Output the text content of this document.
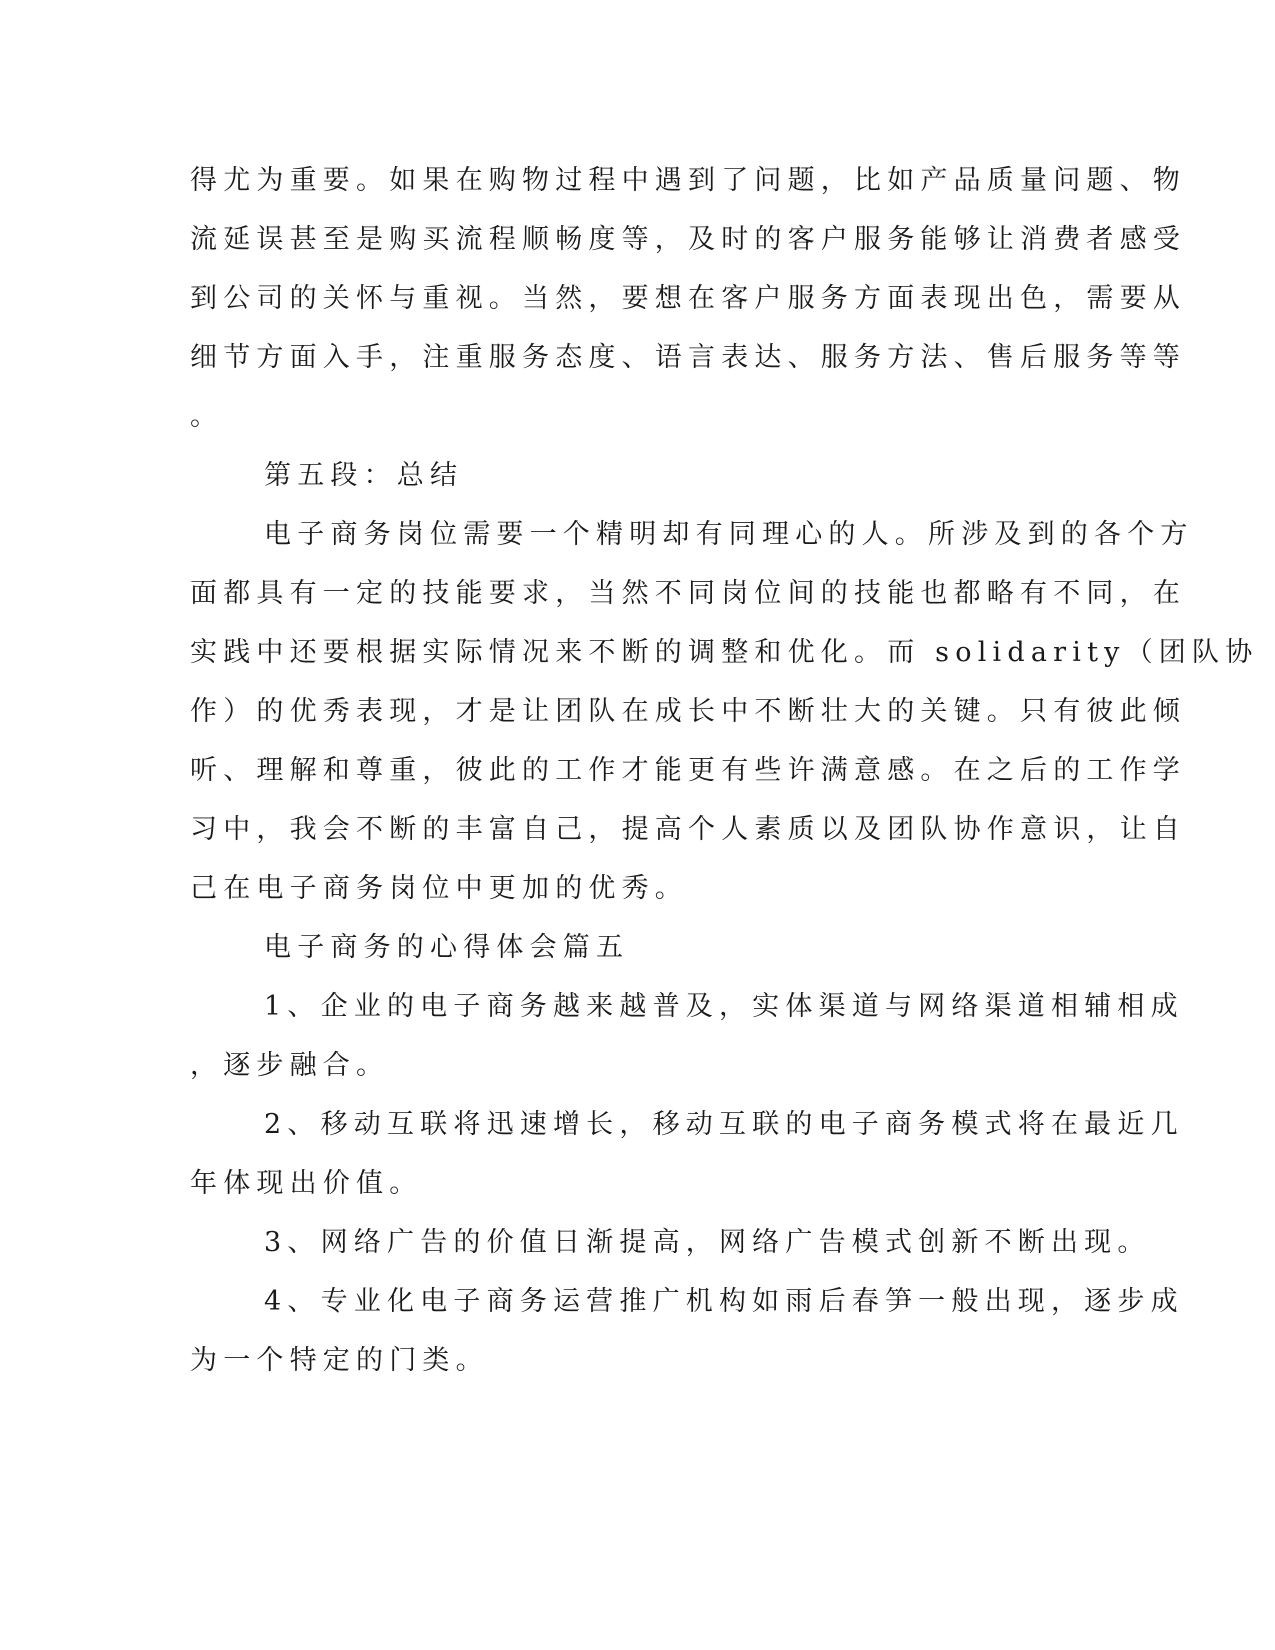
得尤为重要。如果在购物过程中遇到了问题，比如产品质量问题、物
流延误甚至是购买流程顺畅度等，及时的客户服务能够让消费者感受
到公司的关怀与重视。当然，要想在客户服务方面表现出色，需要从
细节方面入手，注重服务态度、语言表达、服务方法、售后服务等等
。
第五段：总结
电子商务岗位需要一个精明却有同理心的人。所涉及到的各个方
面都具有一定的技能要求，当然不同岗位间的技能也都略有不同，在
实践中还要根据实际情况来不断的调整和优化。而 solidarity（团队协
作）的优秀表现，才是让团队在成长中不断壮大的关键。只有彼此倾
听、理解和尊重，彼此的工作才能更有些许满意感。在之后的工作学
习中，我会不断的丰富自己，提高个人素质以及团队协作意识，让自
己在电子商务岗位中更加的优秀。
电子商务的心得体会篇五
1、企业的电子商务越来越普及，实体渠道与网络渠道相辅相成
，逐步融合。
2、移动互联将迅速增长，移动互联的电子商务模式将在最近几
年体现出价值。
3、网络广告的价值日渐提高，网络广告模式创新不断出现。
4、专业化电子商务运营推广机构如雨后春笋一般出现，逐步成
为一个特定的门类。
